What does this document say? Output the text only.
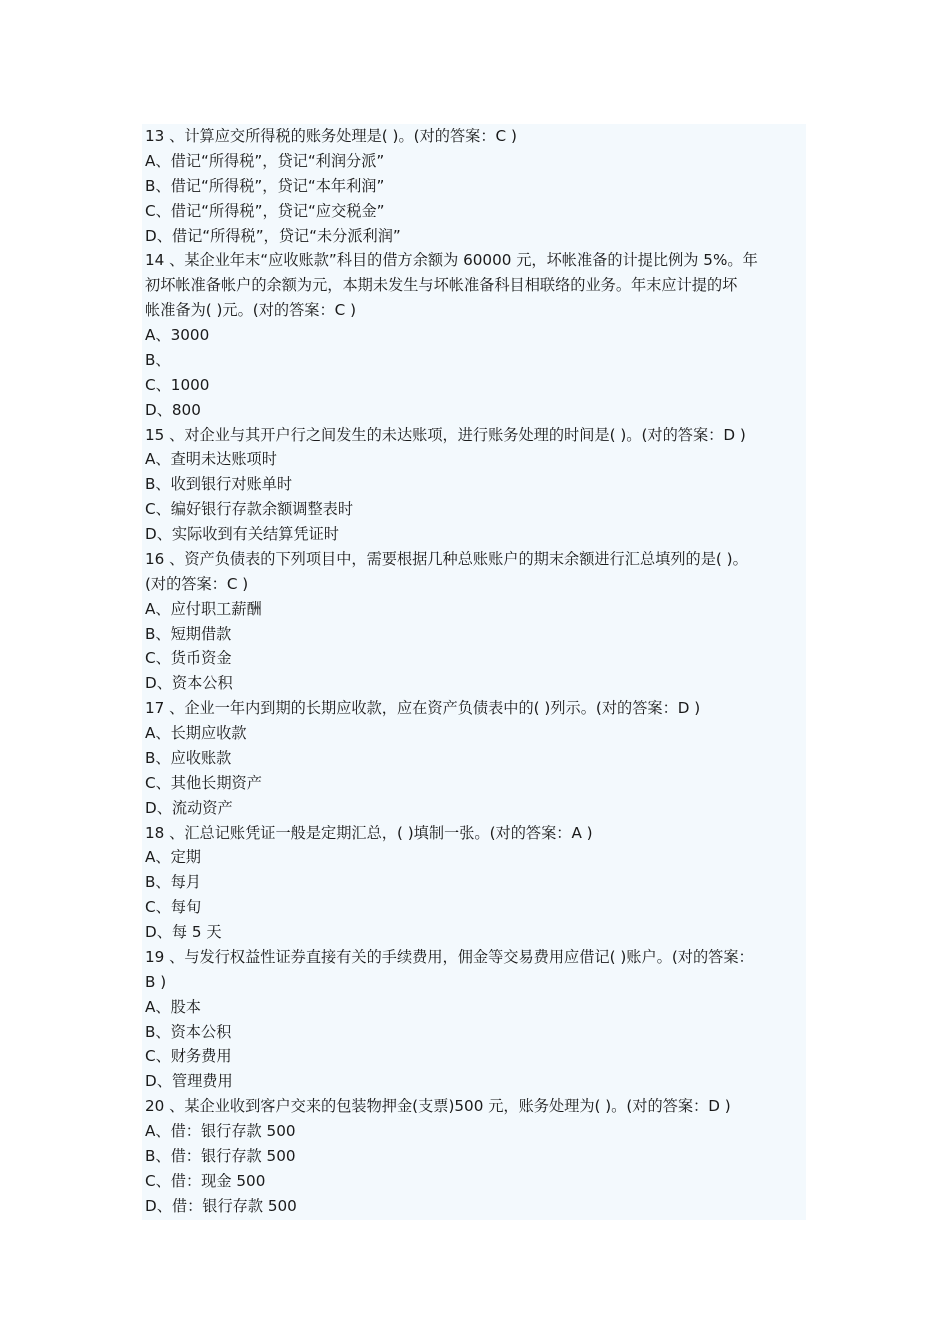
13 、计算应交所得税的账务处理是( )。(对的答案：C )
A、借记“所得税”，贷记“利润分派”
B、借记“所得税”，贷记“本年利润”
C、借记“所得税”，贷记“应交税金”
D、借记“所得税”，贷记“未分派利润”
14 、某企业年末“应收账款”科目的借方余额为 60000 元，坏帐准备的计提比例为 5%。年
初坏帐准备帐户的余额为元，本期未发生与坏帐准备科目相联络的业务。年末应计提的坏
帐准备为( )元。(对的答案：C )
A、3000
B、
C、1000
D、800
15 、对企业与其开户行之间发生的未达账项，进行账务处理的时间是( )。(对的答案：D )
A、查明未达账项时
B、收到银行对账单时
C、编好银行存款余额调整表时
D、实际收到有关结算凭证时
16 、资产负债表的下列项目中，需要根据几种总账账户的期末余额进行汇总填列的是( )。
(对的答案：C )
A、应付职工薪酬
B、短期借款
C、货币资金
D、资本公积
17 、企业一年内到期的长期应收款，应在资产负债表中的( )列示。(对的答案：D )
A、长期应收款
B、应收账款
C、其他长期资产
D、流动资产
18 、汇总记账凭证一般是定期汇总，( )填制一张。(对的答案：A )
A、定期
B、每月
C、每旬
D、每 5 天
19 、与发行权益性证券直接有关的手续费用，佣金等交易费用应借记( )账户。(对的答案：
B )
A、股本
B、资本公积
C、财务费用
D、管理费用
20 、某企业收到客户交来的包装物押金(支票)500 元，账务处理为( )。(对的答案：D )
A、借：银行存款 500
B、借：银行存款 500
C、借：现金 500
D、借：银行存款 500
